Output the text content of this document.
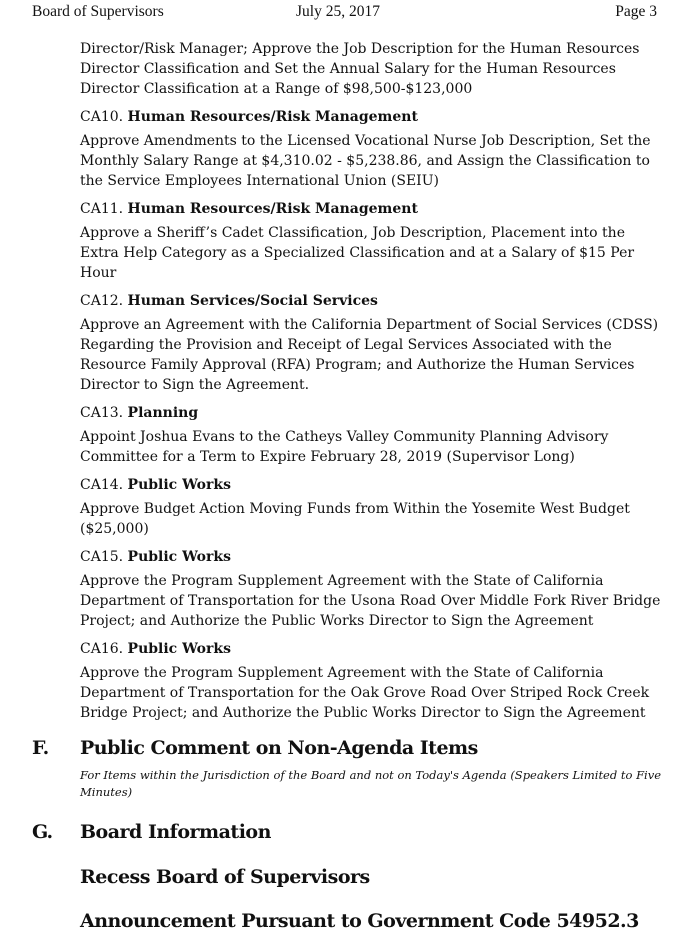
Board of Supervisors	July 25, 2017	Page 3

Director/Risk Manager; Approve the Job Description for the Human Resources Director Classification and Set the Annual Salary for the Human Resources Director Classification at a Range of $98,500-$123,000

CA10. Human Resources/Risk Management

Approve Amendments to the Licensed Vocational Nurse Job Description, Set the Monthly Salary Range at $4,310.02 - $5,238.86, and Assign the Classification to the Service Employees International Union (SEIU)

CA11. Human Resources/Risk Management

Approve a Sheriff’s Cadet Classification, Job Description, Placement into the Extra Help Category as a Specialized Classification and at a Salary of $15 Per Hour

CA12. Human Services/Social Services

Approve an Agreement with the California Department of Social Services (CDSS) Regarding the Provision and Receipt of Legal Services Associated with the Resource Family Approval (RFA) Program; and Authorize the Human Services Director to Sign the Agreement.

CA13. Planning

Appoint Joshua Evans to the Catheys Valley Community Planning Advisory Committee for a Term to Expire February 28, 2019 (Supervisor Long)

CA14. Public Works

Approve Budget Action Moving Funds from Within the Yosemite West Budget ($25,000)

CA15. Public Works

Approve the Program Supplement Agreement with the State of California Department of Transportation for the Usona Road Over Middle Fork River Bridge Project; and Authorize the Public Works Director to Sign the Agreement

CA16. Public Works

Approve the Program Supplement Agreement with the State of California Department of Transportation for the Oak Grove Road Over Striped Rock Creek Bridge Project; and Authorize the Public Works Director to Sign the Agreement

F. Public Comment on Non-Agenda Items
For Items within the Jurisdiction of the Board and not on Today's Agenda (Speakers Limited to Five Minutes)
G. Board Information
Recess Board of Supervisors
Announcement Pursuant to Government Code 54952.3
